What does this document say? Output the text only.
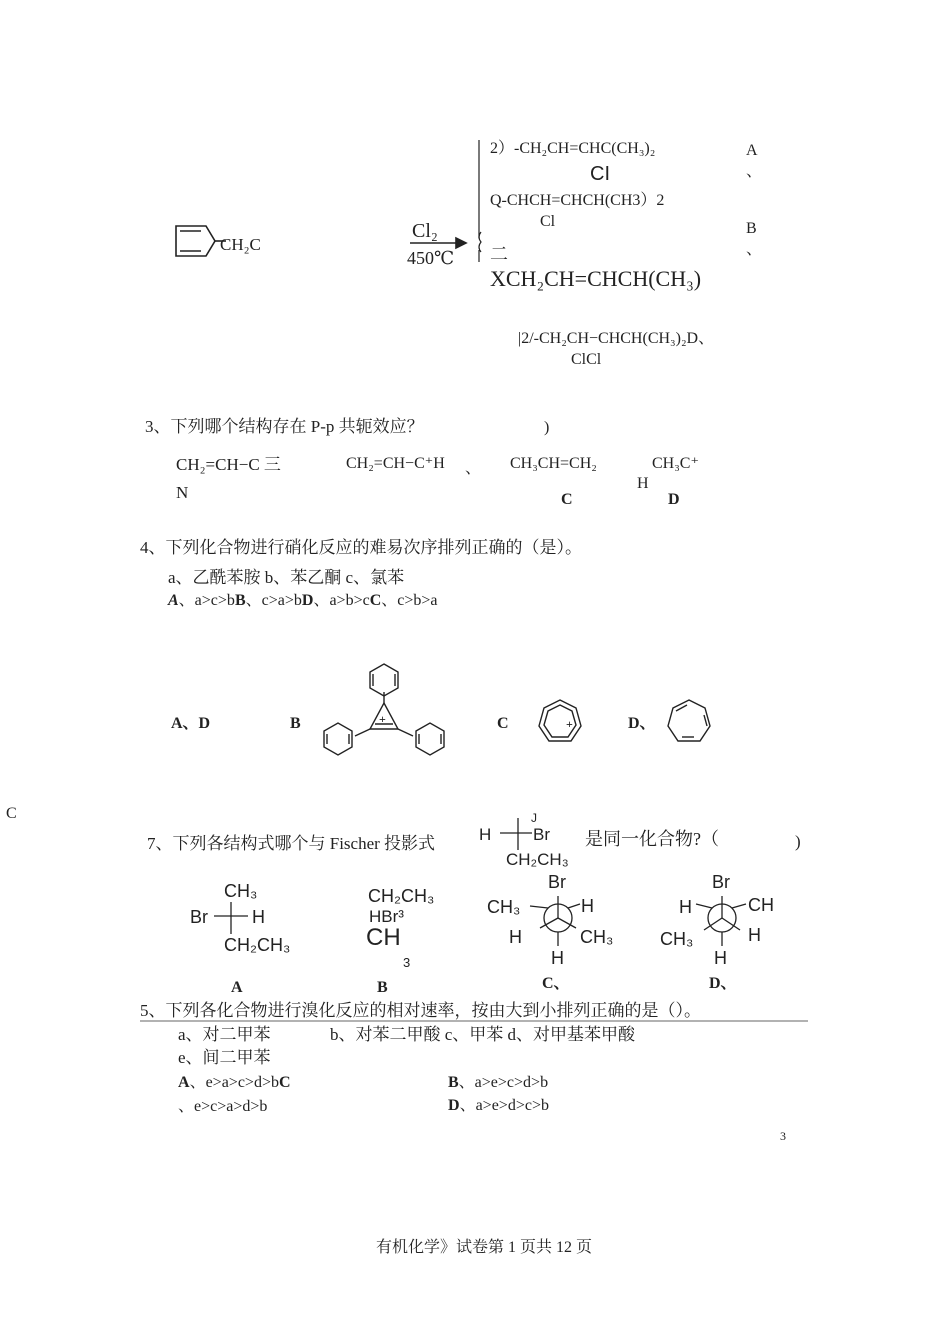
CH₂C
Cl₂
450℃
2）-CH₂CH=CHC(CH₃)₂
CI
A
、
Q-CHCH=CHCH(CH3）2
Cl	B
、
二
XCH₂CH=CHCH(CH₃)
|2/-CH₂CH−CHCH(CH₃)₂D、
ClCl
3、下列哪个结构存在 P-p 共轭效应？	)
CH₂=CH−C 三
N
CH₂=CH−C⁺H 、 CH₃CH=CH₂	CH₃C⁺
H
C	D
4、下列化合物进行硝化反应的难易次序排列正确的（是）。
a、乙酰苯胺 b、苯乙酮 c、氯苯
A、a>c>bB、c>a>bD、a>b>cC、c>b>a
+	+
A、D	B	C	D、
C
7、下列各结构式哪个与 Fischer 投影式
J
H Br
CH₂CH₃
是同一化合物?（	)
CH₃
Br H
CH₂CH₃
CH₂CH₃
HBr³
CH
3
Br
CH₃	H
H	CH₃
H
Br
H	CH
CH₃	H
H
A	B	C、	D、
5、下列各化合物进行溴化反应的相对速率，按由大到小排列正确的是（）。
a、对二甲苯	b、对苯二甲酸 c、甲苯 d、对甲基苯甲酸
e、间二甲苯
A、e>a>c>d>bC
、e>c>a>d>b
B、a>e>c>d>b
D、a>e>d>c>b
3
有机化学》试卷第 1 页共 12 页
